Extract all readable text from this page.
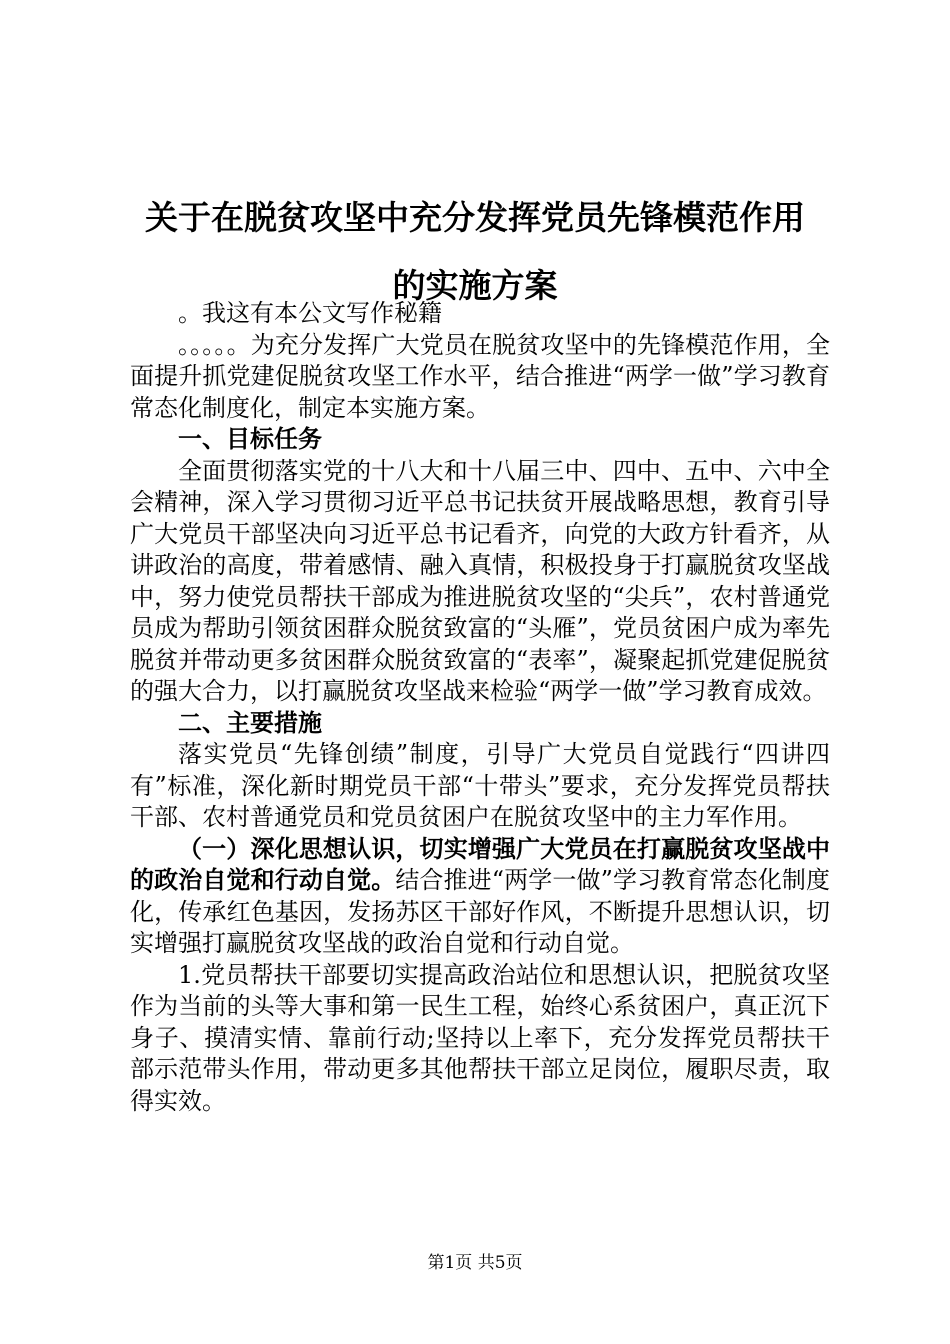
关于在脱贫攻坚中充分发挥党员先锋模范作用
的实施方案

。我这有本公文写作秘籍

。。。。。为充分发挥广大党员在脱贫攻坚中的先锋模范作用，全面提升抓党建促脱贫攻坚工作水平，结合推进“两学一做”学习教育常态化制度化，制定本实施方案。

一、目标任务

全面贯彻落实党的十八大和十八届三中、四中、五中、六中全会精神，深入学习贯彻习近平总书记扶贫开展战略思想，教育引导广大党员干部坚决向习近平总书记看齐，向党的大政方针看齐，从讲政治的高度，带着感情、融入真情，积极投身于打赢脱贫攻坚战中，努力使党员帮扶干部成为推进脱贫攻坚的“尖兵”，农村普通党员成为帮助引领贫困群众脱贫致富的“头雁”，党员贫困户成为率先脱贫并带动更多贫困群众脱贫致富的“表率”，凝聚起抓党建促脱贫的强大合力，以打赢脱贫攻坚战来检验“两学一做”学习教育成效。

二、主要措施

落实党员“先锋创绩”制度，引导广大党员自觉践行“四讲四有”标准，深化新时期党员干部“十带头”要求，充分发挥党员帮扶干部、农村普通党员和党员贫困户在脱贫攻坚中的主力军作用。

（一）深化思想认识，切实增强广大党员在打赢脱贫攻坚战中的政治自觉和行动自觉。结合推进“两学一做”学习教育常态化制度化，传承红色基因，发扬苏区干部好作风，不断提升思想认识，切实增强打赢脱贫攻坚战的政治自觉和行动自觉。

1.党员帮扶干部要切实提高政治站位和思想认识，把脱贫攻坚作为当前的头等大事和第一民生工程，始终心系贫困户，真正沉下身子、摸清实情、靠前行动;坚持以上率下，充分发挥党员帮扶干部示范带头作用，带动更多其他帮扶干部立足岗位，履职尽责，取得实效。

第1页 共5页
